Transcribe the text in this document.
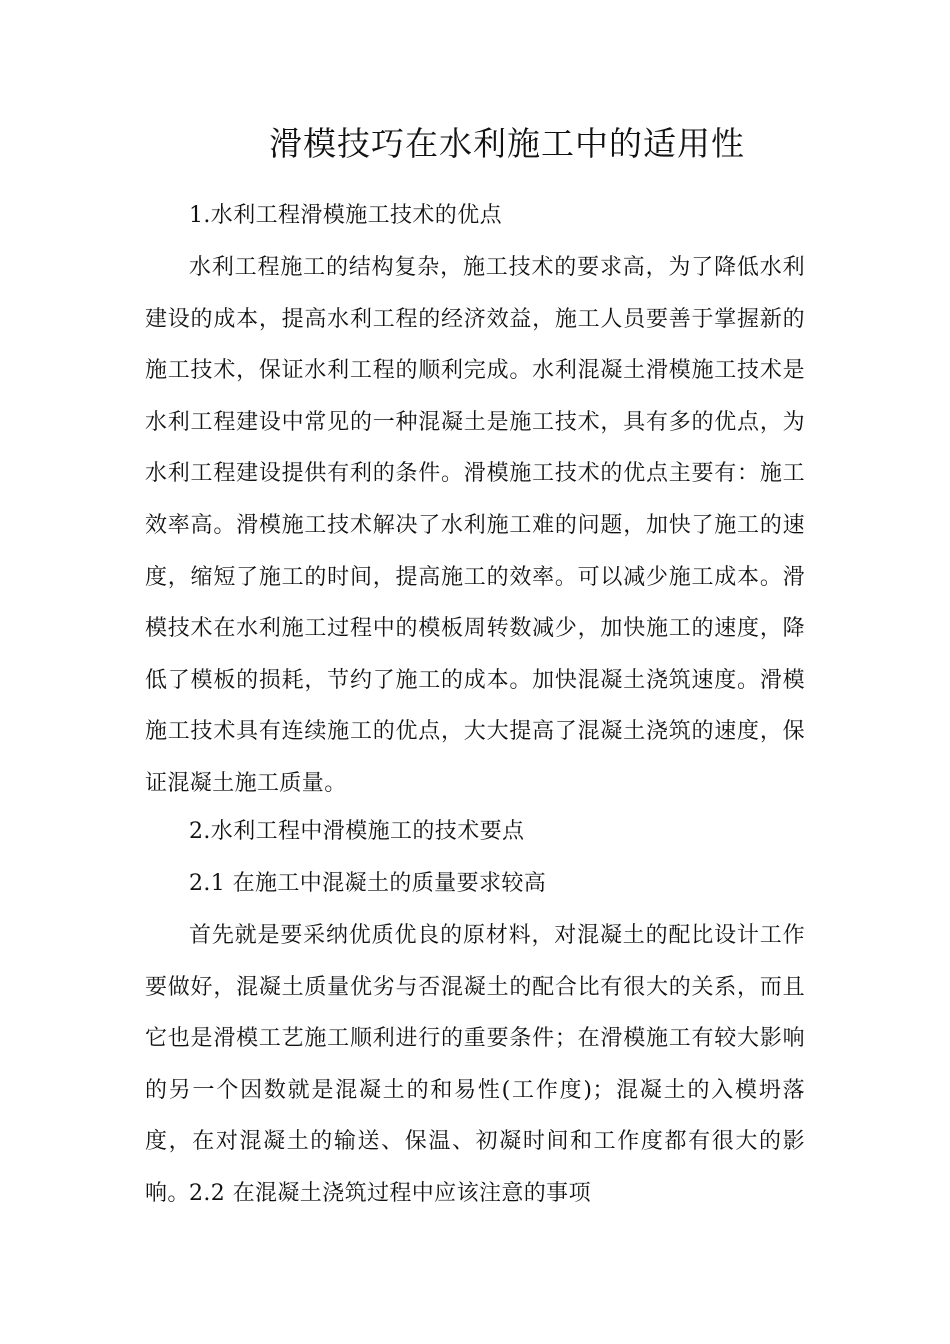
滑模技巧在水利施工中的适用性
1.水利工程滑模施工技术的优点
水利工程施工的结构复杂，施工技术的要求高，为了降低水利建设的成本，提高水利工程的经济效益，施工人员要善于掌握新的施工技术，保证水利工程的顺利完成。水利混凝土滑模施工技术是水利工程建设中常见的一种混凝土是施工技术，具有多的优点，为水利工程建设提供有利的条件。滑模施工技术的优点主要有：施工效率高。滑模施工技术解决了水利施工难的问题，加快了施工的速度，缩短了施工的时间，提高施工的效率。可以减少施工成本。滑模技术在水利施工过程中的模板周转数减少，加快施工的速度，降低了模板的损耗，节约了施工的成本。加快混凝土浇筑速度。滑模施工技术具有连续施工的优点，大大提高了混凝土浇筑的速度，保证混凝土施工质量。
2.水利工程中滑模施工的技术要点
2.1 在施工中混凝土的质量要求较高
首先就是要采纳优质优良的原材料，对混凝土的配比设计工作要做好，混凝土质量优劣与否混凝土的配合比有很大的关系，而且它也是滑模工艺施工顺利进行的重要条件；在滑模施工有较大影响的另一个因数就是混凝土的和易性(工作度)；混凝土的入模坍落度，在对混凝土的输送、保温、初凝时间和工作度都有很大的影响。 2.2 在混凝土浇筑过程中应该注意的事项
